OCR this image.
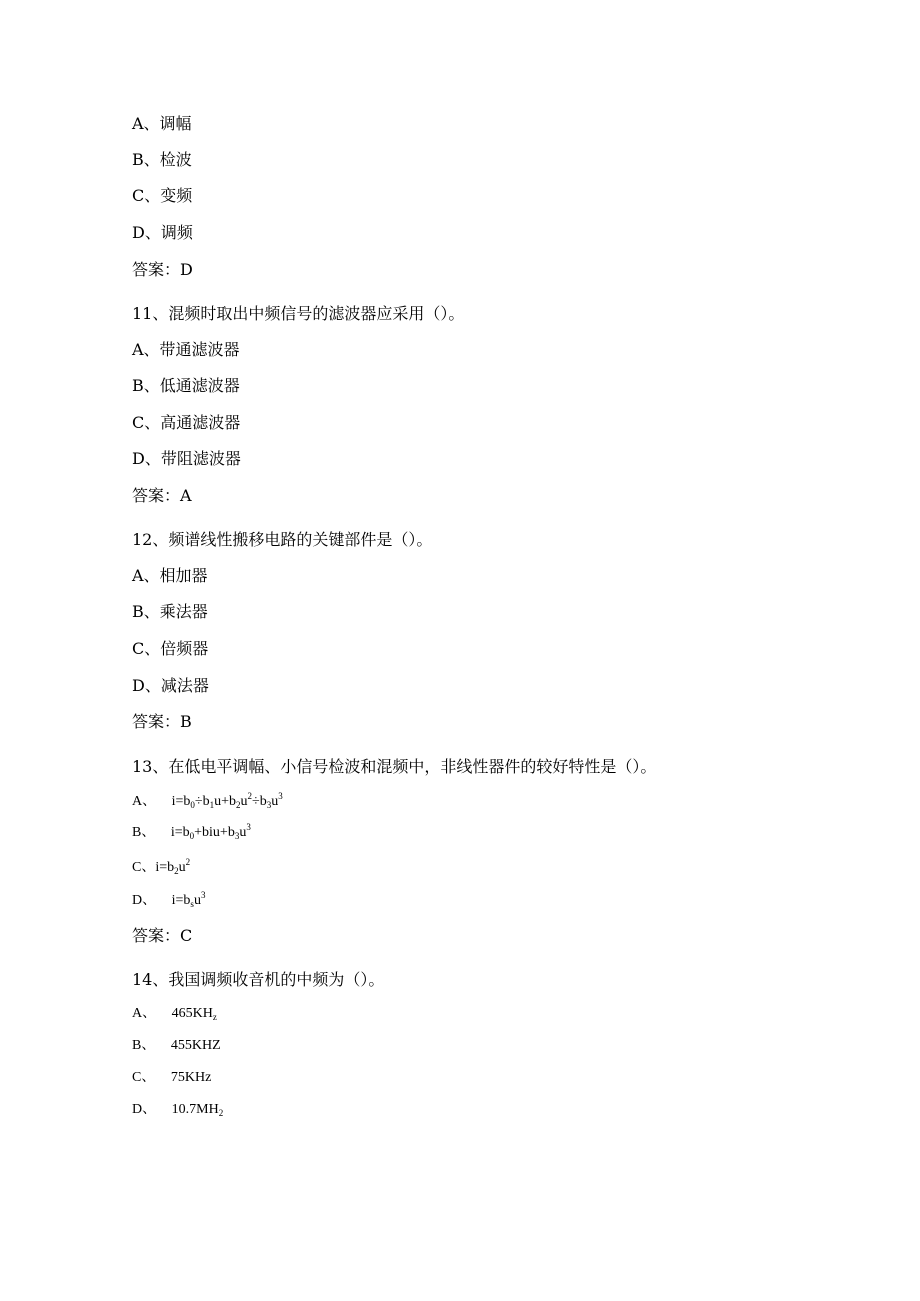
A、调幅
B、检波
C、变频
D、调频
答案：D
11、混频时取出中频信号的滤波器应采用（）。
A、带通滤波器
B、低通滤波器
C、高通滤波器
D、带阻滤波器
答案：A
12、频谱线性搬移电路的关键部件是（）。
A、相加器
B、乘法器
C、倍频器
D、减法器
答案：B
13、在低电平调幅、小信号检波和混频中，非线性器件的较好特性是（）。
A、 $i=b_0\div b_1u+b_2u^2\div b_3u^3$
B、 $i=b_0+biu+b_3u^3$
C、$i=b_2u^2$
D、 $i=b_su^3$
答案：C
14、我国调频收音机的中频为（）。
A、 $465KH_z$
B、 455KHZ
C、 75KHz
D、 $10.7MH_2$
